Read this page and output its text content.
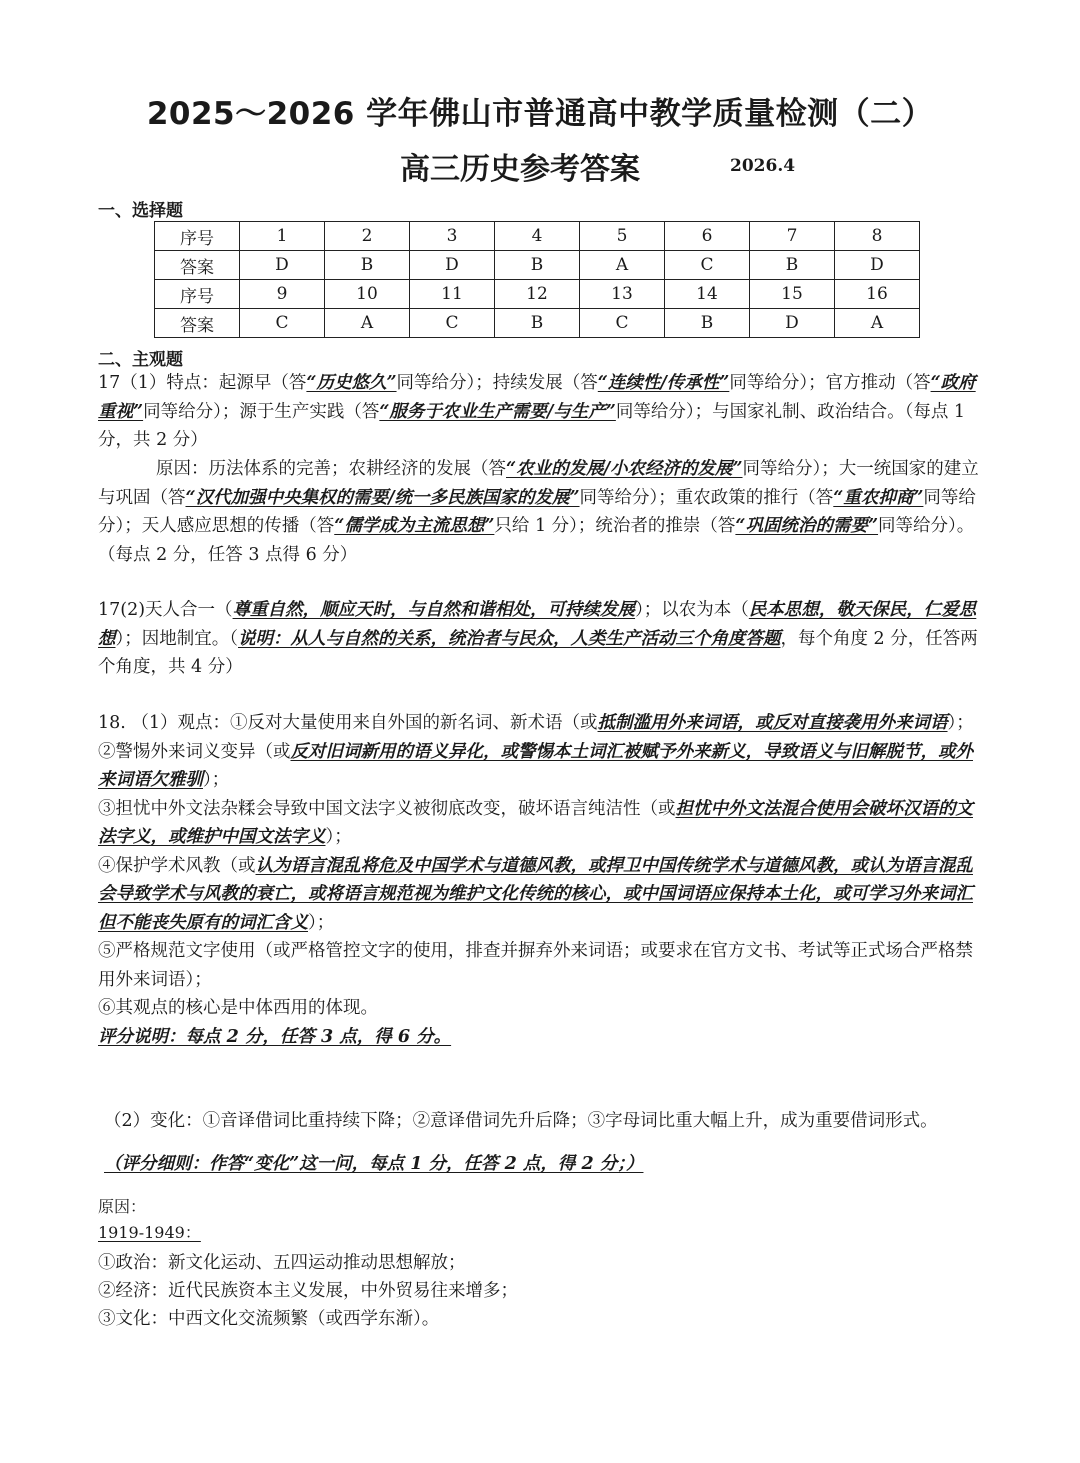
2025～2026 学年佛山市普通高中教学质量检测（二）
高三历史参考答案	2026.4
一、选择题
序号	1	2	3	4	5	6	7	8
答案	D	B	D	B	A	C	B	D
序号	9	10	11	12	13	14	15	16
答案	C	A	C	B	C	B	D	A
二、主观题
17（1）特点：起源早（答“历史悠久”同等给分）；持续发展（答“连续性/传承性”同等给分）；官方推动（答“政府重视”同等给分）；源于生产实践（答“服务于农业生产需要/与生产”同等给分）；与国家礼制、政治结合。（每点 1 分，共 2 分）
原因：历法体系的完善；农耕经济的发展（答“农业的发展/小农经济的发展”同等给分）；大一统国家的建立与巩固（答“汉代加强中央集权的需要/统一多民族国家的发展”同等给分）；重农政策的推行（答“重农抑商”同等给分）；天人感应思想的传播（答“儒学成为主流思想”只给 1 分）；统治者的推崇（答“巩固统治的需要”同等给分）。（每点 2 分，任答 3 点得 6 分）
17(2)天人合一（尊重自然，顺应天时，与自然和谐相处，可持续发展）；以农为本（民本思想，敬天保民，仁爱思想）；因地制宜。（说明：从人与自然的关系，统治者与民众，人类生产活动三个角度答题，每个角度 2 分，任答两个角度，共 4 分）
18. （1）观点：①反对大量使用来自外国的新名词、新术语（或抵制滥用外来词语，或反对直接袭用外来词语）；
②警惕外来词义变异（或反对旧词新用的语义异化，或警惕本土词汇被赋予外来新义，导致语义与旧解脱节，或外来词语欠雅驯）；
③担忧中外文法杂糅会导致中国文法字义被彻底改变，破坏语言纯洁性（或担忧中外文法混合使用会破坏汉语的文法字义，或维护中国文法字义）；
④保护学术风教（或认为语言混乱将危及中国学术与道德风教，或捍卫中国传统学术与道德风教，或认为语言混乱会导致学术与风教的衰亡，或将语言规范视为维护文化传统的核心，或中国词语应保持本土化，或可学习外来词汇但不能丧失原有的词汇含义）；
⑤严格规范文字使用（或严格管控文字的使用，排查并摒弃外来词语；或要求在官方文书、考试等正式场合严格禁用外来词语）；
⑥其观点的核心是中体西用的体现。
评分说明：每点 2 分，任答 3 点，得 6 分。
（2）变化：①音译借词比重持续下降；②意译借词先升后降；③字母词比重大幅上升，成为重要借词形式。
（评分细则：作答“变化”这一问，每点 1 分，任答 2 点，得 2 分；）
原因：
1919-1949：
①政治：新文化运动、五四运动推动思想解放；
②经济：近代民族资本主义发展，中外贸易往来增多；
③文化：中西文化交流频繁（或西学东渐）。
